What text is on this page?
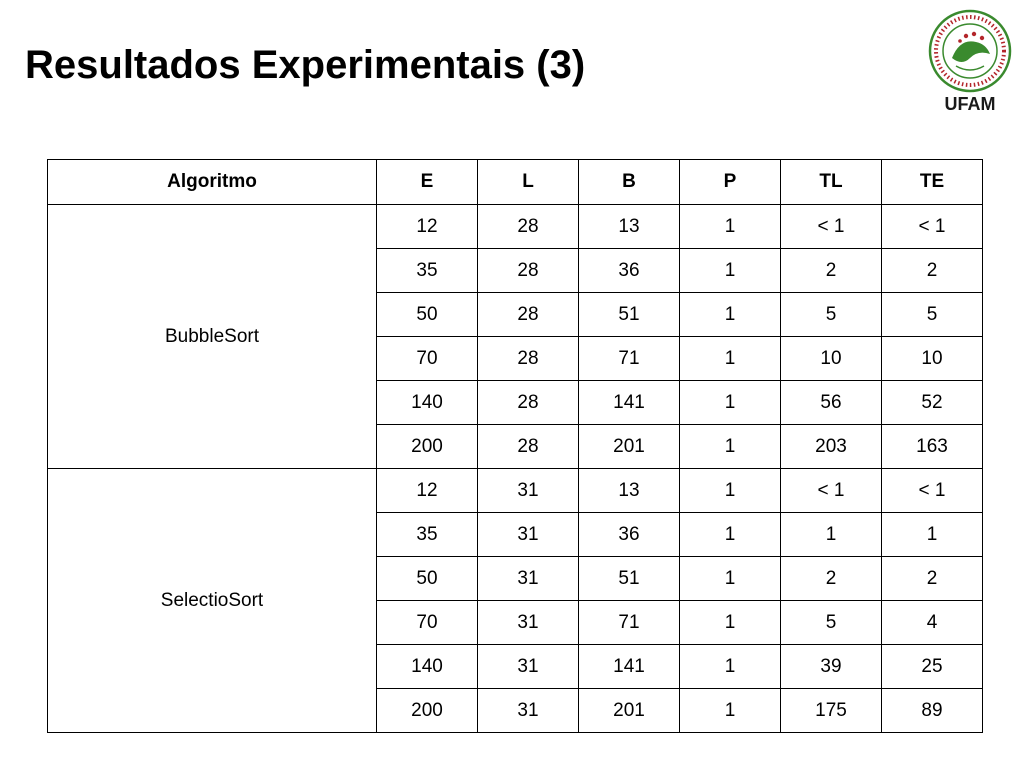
Resultados Experimentais (3)
UFAM
Algoritmo	E	L	B	P	TL	TE
BubbleSort	12	28	13	1	< 1	< 1
	35	28	36	1	2	2
	50	28	51	1	5	5
	70	28	71	1	10	10
	140	28	141	1	56	52
	200	28	201	1	203	163
SelectioSort	12	31	13	1	< 1	< 1
	35	31	36	1	1	1
	50	31	51	1	2	2
	70	31	71	1	5	4
	140	31	141	1	39	25
	200	31	201	1	175	89
